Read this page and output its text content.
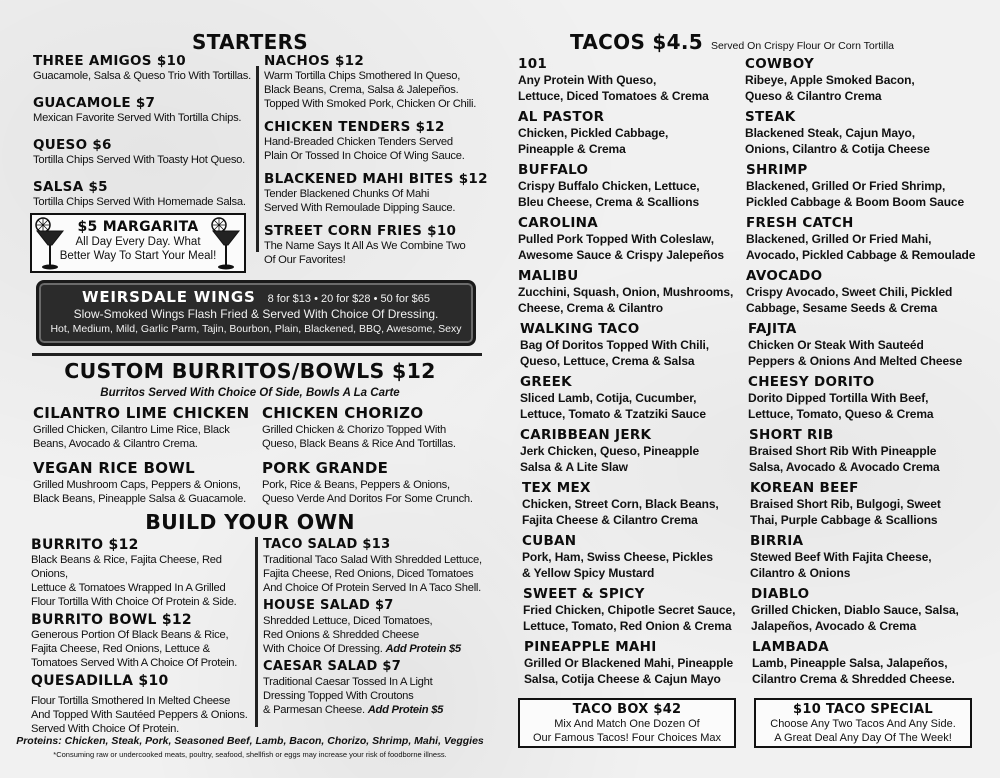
STARTERS
THREE AMIGOS $10
Guacamole, Salsa & Queso Trio With Tortillas.
GUACAMOLE $7
Mexican Favorite Served With Tortilla Chips.
QUESO $6
Tortilla Chips Served With Toasty Hot Queso.
SALSA $5
Tortilla Chips Served With Homemade Salsa.
NACHOS $12
Warm Tortilla Chips Smothered In Queso,
Black Beans, Crema, Salsa & Jalepeños.
Topped With Smoked Pork, Chicken Or Chili.
CHICKEN TENDERS $12
Hand-Breaded Chicken Tenders Served
Plain Or Tossed In Choice Of Wing Sauce.
BLACKENED MAHI BITES $12
Tender Blackened Chunks Of Mahi
Served With Remoulade Dipping Sauce.
STREET CORN FRIES $10
The Name Says It All As We Combine Two
Of Our Favorites!
$5 MARGARITA
All Day Every Day. What
Better Way To Start Your Meal!
WEIRSDALE WINGS 8 for $13 • 20 for $28 • 50 for $65
Slow-Smoked Wings Flash Fried & Served With Choice Of Dressing.
Hot, Medium, Mild, Garlic Parm, Tajin, Bourbon, Plain, Blackened, BBQ, Awesome, Sexy
CUSTOM BURRITOS/BOWLS $12
Burritos Served With Choice Of Side, Bowls A La Carte
CILANTRO LIME CHICKEN
Grilled Chicken, Cilantro Lime Rice, Black
Beans, Avocado & Cilantro Crema.
VEGAN RICE BOWL
Grilled Mushroom Caps, Peppers & Onions,
Black Beans, Pineapple Salsa & Guacamole.
CHICKEN CHORIZO
Grilled Chicken & Chorizo Topped With
Queso, Black Beans & Rice And Tortillas.
PORK GRANDE
Pork, Rice & Beans, Peppers & Onions,
Queso Verde And Doritos For Some Crunch.
BUILD YOUR OWN
BURRITO $12
Black Beans & Rice, Fajita Cheese, Red Onions,
Lettuce & Tomatoes Wrapped In A Grilled
Flour Tortilla With Choice Of Protein & Side.
BURRITO BOWL $12
Generous Portion Of Black Beans & Rice,
Fajita Cheese, Red Onions, Lettuce &
Tomatoes Served With A Choice Of Protein.
QUESADILLA $10
Flour Tortilla Smothered In Melted Cheese
And Topped With Sautéed Peppers & Onions.
Served With Choice Of Protein.
TACO SALAD $13
Traditional Taco Salad With Shredded Lettuce,
Fajita Cheese, Red Onions, Diced Tomatoes
And Choice Of Protein Served In A Taco Shell.
HOUSE SALAD $7
Shredded Lettuce, Diced Tomatoes,
Red Onions & Shredded Cheese
With Choice Of Dressing. Add Protein $5
CAESAR SALAD $7
Traditional Caesar Tossed In A Light
Dressing Topped With Croutons
& Parmesan Cheese. Add Protein $5
Proteins: Chicken, Steak, Pork, Seasoned Beef, Lamb, Bacon, Chorizo, Shrimp, Mahi, Veggies
*Consuming raw or undercooked meats, poultry, seafood, shellfish or eggs may increase your risk of foodborne illness.
TACOS $4.5 Served On Crispy Flour Or Corn Tortilla
101
Any Protein With Queso,
Lettuce, Diced Tomatoes & Crema
AL PASTOR
Chicken, Pickled Cabbage,
Pineapple & Crema
BUFFALO
Crispy Buffalo Chicken, Lettuce,
Bleu Cheese, Crema & Scallions
CAROLINA
Pulled Pork Topped With Coleslaw,
Awesome Sauce & Crispy Jalepeños
MALIBU
Zucchini, Squash, Onion, Mushrooms,
Cheese, Crema & Cilantro
WALKING TACO
Bag Of Doritos Topped With Chili,
Queso, Lettuce, Crema & Salsa
GREEK
Sliced Lamb, Cotija, Cucumber,
Lettuce, Tomato & Tzatziki Sauce
CARIBBEAN JERK
Jerk Chicken, Queso, Pineapple
Salsa & A Lite Slaw
TEX MEX
Chicken, Street Corn, Black Beans,
Fajita Cheese & Cilantro Crema
CUBAN
Pork, Ham, Swiss Cheese, Pickles
& Yellow Spicy Mustard
SWEET & SPICY
Fried Chicken, Chipotle Secret Sauce,
Lettuce, Tomato, Red Onion & Crema
PINEAPPLE MAHI
Grilled Or Blackened Mahi, Pineapple
Salsa, Cotija Cheese & Cajun Mayo
COWBOY
Ribeye, Apple Smoked Bacon,
Queso & Cilantro Crema
STEAK
Blackened Steak, Cajun Mayo,
Onions, Cilantro & Cotija Cheese
SHRIMP
Blackened, Grilled Or Fried Shrimp,
Pickled Cabbage & Boom Boom Sauce
FRESH CATCH
Blackened, Grilled Or Fried Mahi,
Avocado, Pickled Cabbage & Remoulade
AVOCADO
Crispy Avocado, Sweet Chili, Pickled
Cabbage, Sesame Seeds & Crema
FAJITA
Chicken Or Steak With Sauteéd
Peppers & Onions And Melted Cheese
CHEESY DORITO
Dorito Dipped Tortilla With Beef,
Lettuce, Tomato, Queso & Crema
SHORT RIB
Braised Short Rib With Pineapple
Salsa, Avocado & Avocado Crema
KOREAN BEEF
Braised Short Rib, Bulgogi, Sweet
Thai, Purple Cabbage & Scallions
BIRRIA
Stewed Beef With Fajita Cheese,
Cilantro & Onions
DIABLO
Grilled Chicken, Diablo Sauce, Salsa,
Jalapeños, Avocado & Crema
LAMBADA
Lamb, Pineapple Salsa, Jalapeños,
Cilantro Crema & Shredded Cheese.
TACO BOX $42
Mix And Match One Dozen Of
Our Famous Tacos! Four Choices Max
$10 TACO SPECIAL
Choose Any Two Tacos And Any Side.
A Great Deal Any Day Of The Week!
